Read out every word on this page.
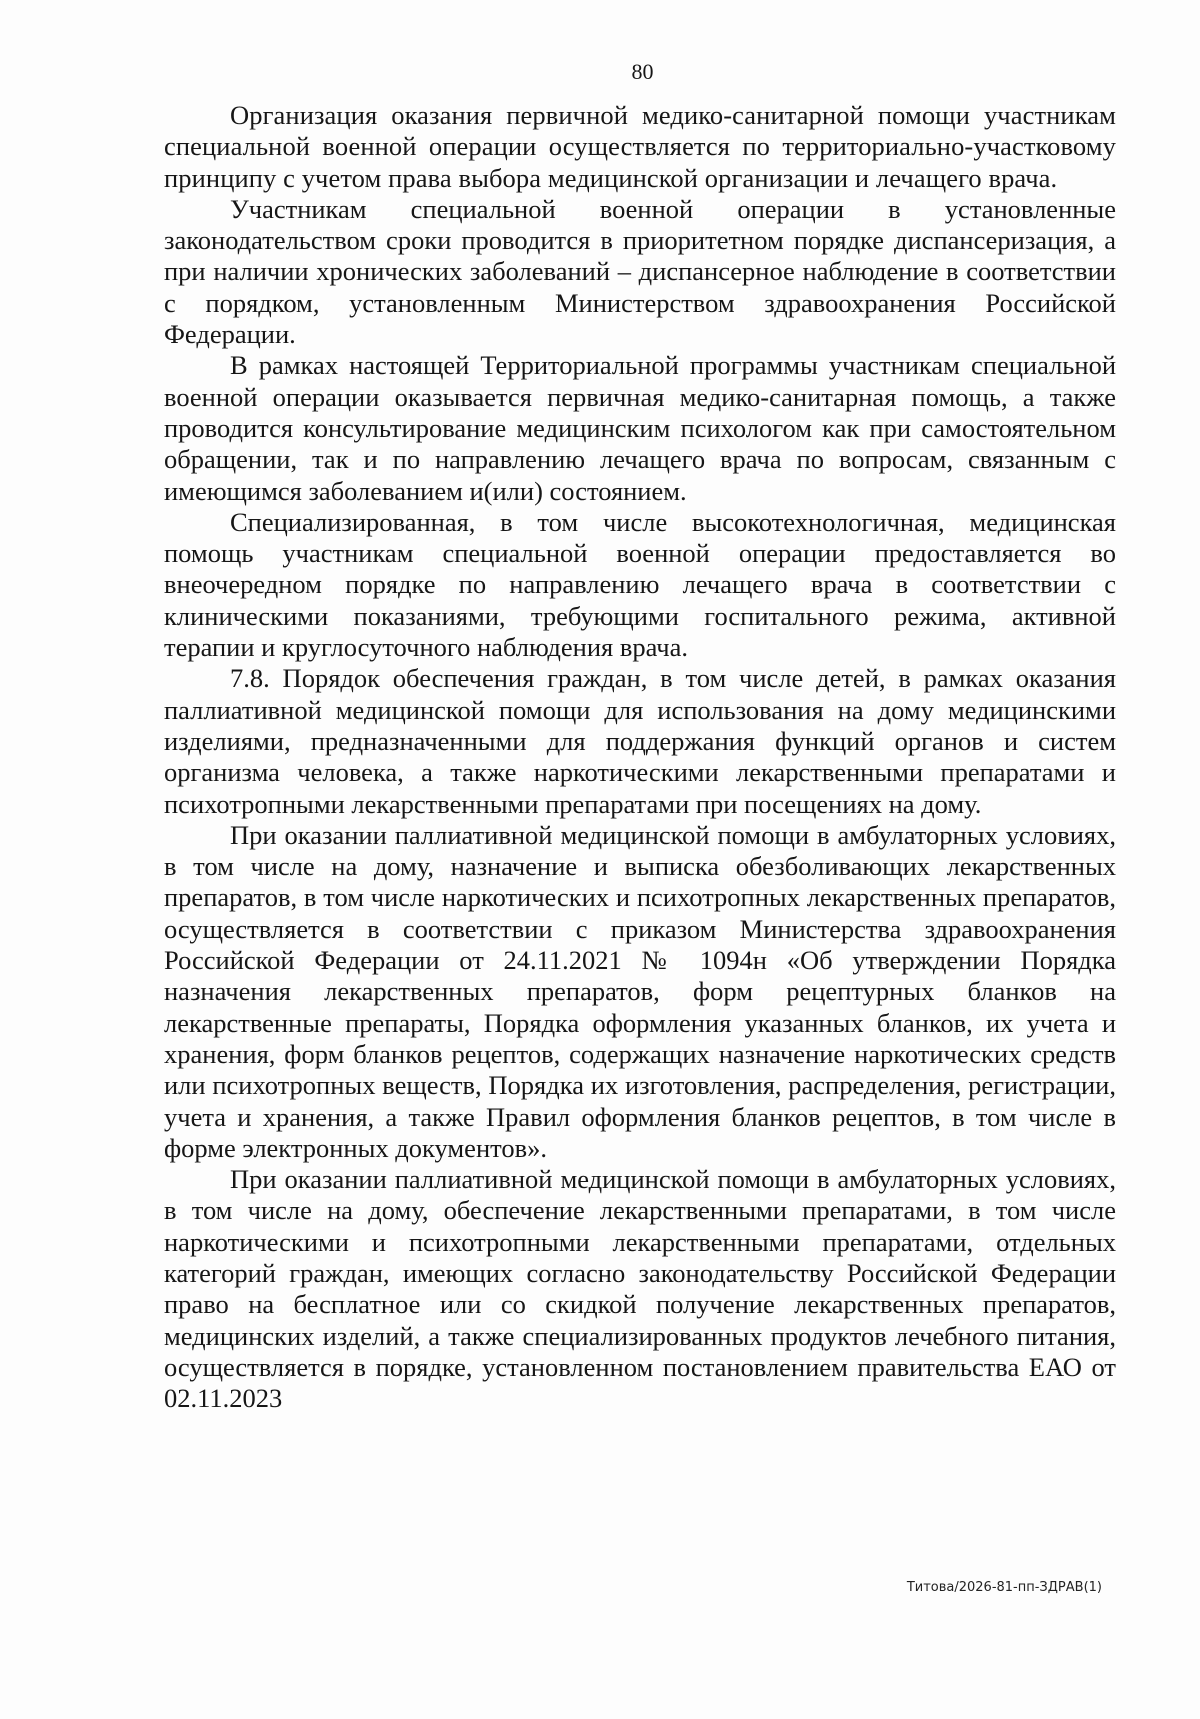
80

Организация оказания первичной медико-санитарной помощи участникам специальной военной операции осуществляется по территориально-участковому принципу с учетом права выбора медицинской организации и лечащего врача.

Участникам специальной военной операции в установленные законодательством сроки проводится в приоритетном порядке диспансеризация, а при наличии хронических заболеваний – диспансерное наблюдение в соответствии с порядком, установленным Министерством здравоохранения Российской Федерации.

В рамках настоящей Территориальной программы участникам специальной военной операции оказывается первичная медико-санитарная помощь, а также проводится консультирование медицинским психологом как при самостоятельном обращении, так и по направлению лечащего врача по вопросам, связанным с имеющимся заболеванием и(или) состоянием.

Специализированная, в том числе высокотехнологичная, медицинская помощь участникам специальной военной операции предоставляется во внеочередном порядке по направлению лечащего врача в соответствии с клиническими показаниями, требующими госпитального режима, активной терапии и круглосуточного наблюдения врача.

7.8. Порядок обеспечения граждан, в том числе детей, в рамках оказания паллиативной медицинской помощи для использования на дому медицинскими изделиями, предназначенными для поддержания функций органов и систем организма человека, а также наркотическими лекарственными препаратами и психотропными лекарственными препаратами при посещениях на дому.

При оказании паллиативной медицинской помощи в амбулаторных условиях, в том числе на дому, назначение и выписка обезболивающих лекарственных препаратов, в том числе наркотических и психотропных лекарственных препаратов, осуществляется в соответствии с приказом Министерства здравоохранения Российской Федерации от 24.11.2021 № 1094н «Об утверждении Порядка назначения лекарственных препаратов, форм рецептурных бланков на лекарственные препараты, Порядка оформления указанных бланков, их учета и хранения, форм бланков рецептов, содержащих назначение наркотических средств или психотропных веществ, Порядка их изготовления, распределения, регистрации, учета и хранения, а также Правил оформления бланков рецептов, в том числе в форме электронных документов».

При оказании паллиативной медицинской помощи в амбулаторных условиях, в том числе на дому, обеспечение лекарственными препаратами, в том числе наркотическими и психотропными лекарственными препаратами, отдельных категорий граждан, имеющих согласно законодательству Российской Федерации право на бесплатное или со скидкой получение лекарственных препаратов, медицинских изделий, а также специализированных продуктов лечебного питания, осуществляется в порядке, установленном постановлением правительства ЕАО от 02.11.2023

Титова/2026-81-пп-ЗДРАВ(1)
